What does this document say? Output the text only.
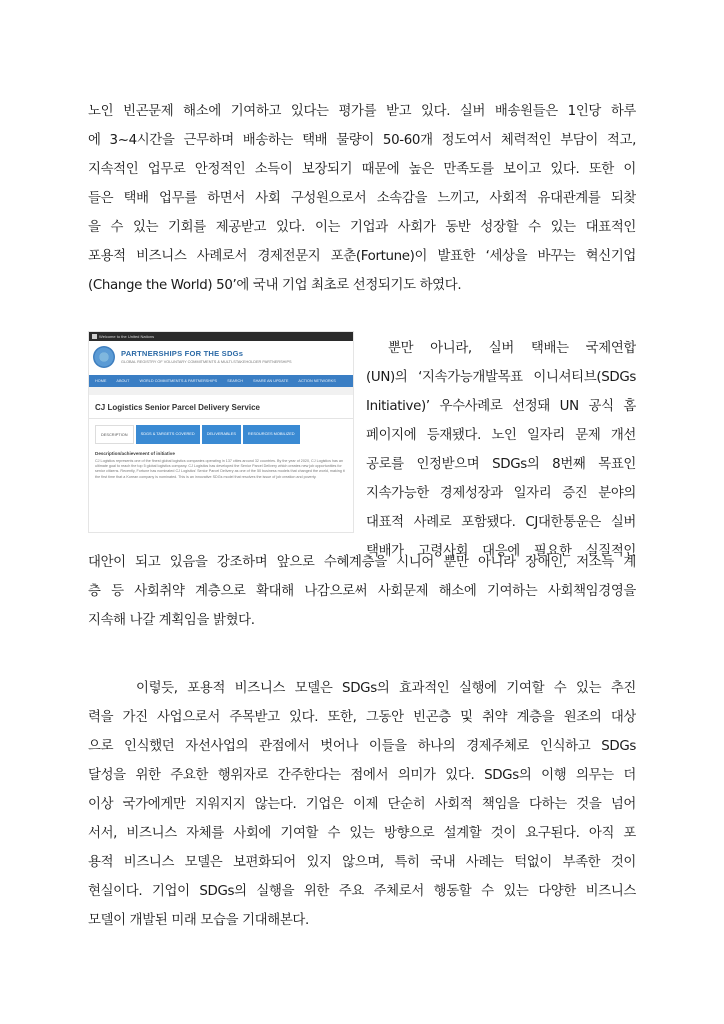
노인 빈곤문제 해소에 기여하고 있다는 평가를 받고 있다. 실버 배송원들은 1인당 하루
에 3~4시간을 근무하며 배송하는 택배 물량이 50-60개 정도여서 체력적인 부담이 적고,
지속적인 업무로 안정적인 소득이 보장되기 때문에 높은 만족도를 보이고 있다. 또한 이
들은 택배 업무를 하면서 사회 구성원으로서 소속감을 느끼고, 사회적 유대관계를 되찾
을 수 있는 기회를 제공받고 있다. 이는 기업과 사회가 동반 성장할 수 있는 대표적인
포용적 비즈니스 사례로서 경제전문지 포춘(Fortune)이 발표한 ‘세상을 바꾸는 혁신기업
(Change the World) 50’에 국내 기업 최초로 선정되기도 하였다.
Welcome to the United Nations
PARTNERSHIPS FOR THE SDGs
GLOBAL REGISTRY OF VOLUNTARY COMMITMENTS & MULTI-STAKEHOLDER PARTNERSHIPS
HOME	ABOUT	WORLD COMMITMENTS & PARTNERSHIPS	SEARCH	SHARE AN UPDATE	ACTION NETWORKS
CJ Logistics Senior Parcel Delivery Service
DESCRIPTION	SDGS & TARGETS COVERED	DELIVERABLES	RESOURCES MOBILIZED
Description/achievement of initiative
CJ Logistics represents one of the finest global logistics companies operating in 137 cities around 32 countries. By the year of 2020, CJ Logistics has an ultimate goal to reach the top 5 global logistics company. CJ Logistics has developed the Senior Parcel Delivery which creates new job opportunities for senior citizens. Recently, Fortune has nominated CJ Logistics' Senior Parcel Delivery as one of the 50 business models that changed the world, making it the first time that a Korean company is nominated. This is an innovative SDGs model that resolves the issue of job creation and poverty.
뿐만 아니라, 실버 택배는 국제연합
(UN)의 ‘지속가능개발목표 이니셔티브(SDGs
Initiative)’ 우수사례로 선정돼 UN 공식 홈
페이지에 등재됐다. 노인 일자리 문제 개선
공로를 인정받으며 SDGs의 8번째 목표인
지속가능한 경제성장과 일자리 증진 분야의
대표적 사례로 포함됐다. CJ대한통운은 실버
택배가 고령사회 대응에 필요한 실질적인
대안이 되고 있음을 강조하며 앞으로 수혜계층을 시니어 뿐만 아니라 장애인, 저소득 계
층 등 사회취약 계층으로 확대해 나감으로써 사회문제 해소에 기여하는 사회책임경영을
지속해 나갈 계획임을 밝혔다.
이렇듯, 포용적 비즈니스 모델은 SDGs의 효과적인 실행에 기여할 수 있는 추진
력을 가진 사업으로서 주목받고 있다. 또한, 그동안 빈곤층 및 취약 계층을 원조의 대상
으로 인식했던 자선사업의 관점에서 벗어나 이들을 하나의 경제주체로 인식하고 SDGs
달성을 위한 주요한 행위자로 간주한다는 점에서 의미가 있다. SDGs의 이행 의무는 더
이상 국가에게만 지워지지 않는다. 기업은 이제 단순히 사회적 책임을 다하는 것을 넘어
서서, 비즈니스 자체를 사회에 기여할 수 있는 방향으로 설계할 것이 요구된다. 아직 포
용적 비즈니스 모델은 보편화되어 있지 않으며, 특히 국내 사례는 턱없이 부족한 것이
현실이다. 기업이 SDGs의 실행을 위한 주요 주체로서 행동할 수 있는 다양한 비즈니스
모델이 개발된 미래 모습을 기대해본다.
